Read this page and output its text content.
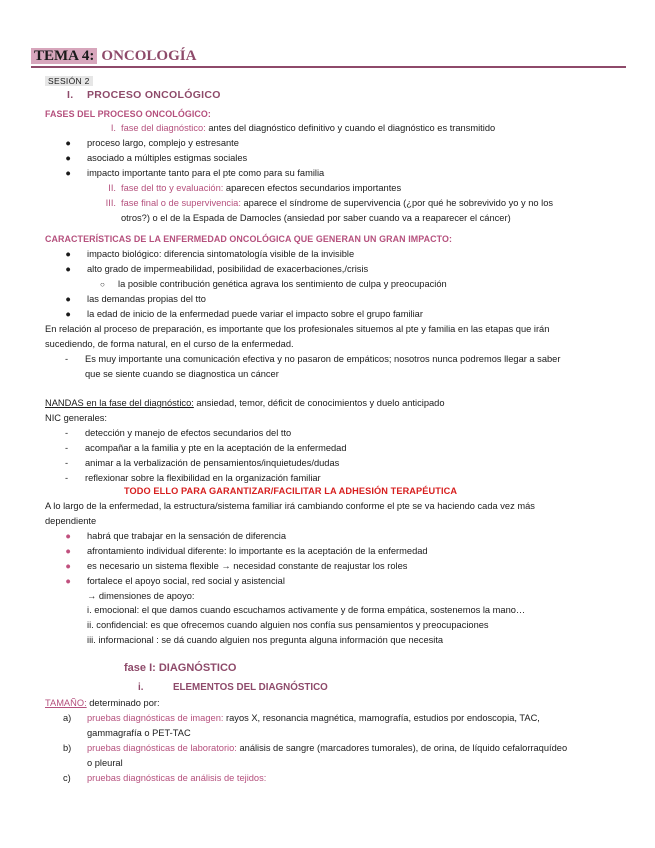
TEMA 4: ONCOLOGÍA
SESIÓN 2
I. PROCESO ONCOLÓGICO
FASES DEL PROCESO ONCOLÓGICO:
I. fase del diagnóstico: antes del diagnóstico definitivo y cuando el diagnóstico es transmitido
● proceso largo, complejo y estresante
● asociado a múltiples estigmas sociales
● impacto importante tanto para el pte como para su familia
II. fase del tto y evaluación: aparecen efectos secundarios importantes
III. fase final o de supervivencia: aparece el síndrome de supervivencia (¿por qué he sobrevivido yo y no los
otros?) o el de la Espada de Damocles (ansiedad por saber cuando va a reaparecer el cáncer)
CARACTERÍSTICAS DE LA ENFERMEDAD ONCOLÓGICA QUE GENERAN UN GRAN IMPACTO:
● impacto biológico: diferencia sintomatología visible de la invisible
● alto grado de impermeabilidad, posibilidad de exacerbaciones,/crisis
○ la posible contribución genética agrava los sentimiento de culpa y preocupación
● las demandas propias del tto
● la edad de inicio de la enfermedad puede variar el impacto sobre el grupo familiar
En relación al proceso de preparación, es importante que los profesionales situemos al pte y familia en las etapas que irán
sucediendo, de forma natural, en el curso de la enfermedad.
- Es muy importante una comunicación efectiva y no pasaron de empáticos; nosotros nunca podremos llegar a saber
que se siente cuando se diagnostica un cáncer
NANDAS en la fase del diagnóstico: ansiedad, temor, déficit de conocimientos y duelo anticipado
NIC generales:
- detección y manejo de efectos secundarios del tto
- acompañar a la familia y pte en la aceptación de la enfermedad
- animar a la verbalización de pensamientos/inquietudes/dudas
- reflexionar sobre la flexibilidad en la organización familiar
TODO ELLO PARA GARANTIZAR/FACILITAR LA ADHESIÓN TERAPÉUTICA
A lo largo de la enfermedad, la estructura/sistema familiar irá cambiando conforme el pte se va haciendo cada vez más
dependiente
● habrá que trabajar en la sensación de diferencia
● afrontamiento individual diferente: lo importante es la aceptación de la enfermedad
● es necesario un sistema flexible → necesidad constante de reajustar los roles
● fortalece el apoyo social, red social y asistencial
→ dimensiones de apoyo:
i. emocional: el que damos cuando escuchamos activamente y de forma empática, sostenemos la mano…
ii. confidencial: es que ofrecemos cuando alguien nos confía sus pensamientos y preocupaciones
iii. informacional : se dá cuando alguien nos pregunta alguna información que necesita
fase I: DIAGNÓSTICO
i.	ELEMENTOS DEL DIAGNÓSTICO
TAMAÑO: determinado por:
a) pruebas diagnósticas de imagen: rayos X, resonancia magnética, mamografía, estudios por endoscopia, TAC,
gammagrafía o PET-TAC
b) pruebas diagnósticas de laboratorio: análisis de sangre (marcadores tumorales), de orina, de líquido cefalorraquídeo
o pleural
c) pruebas diagnósticas de análisis de tejidos:
